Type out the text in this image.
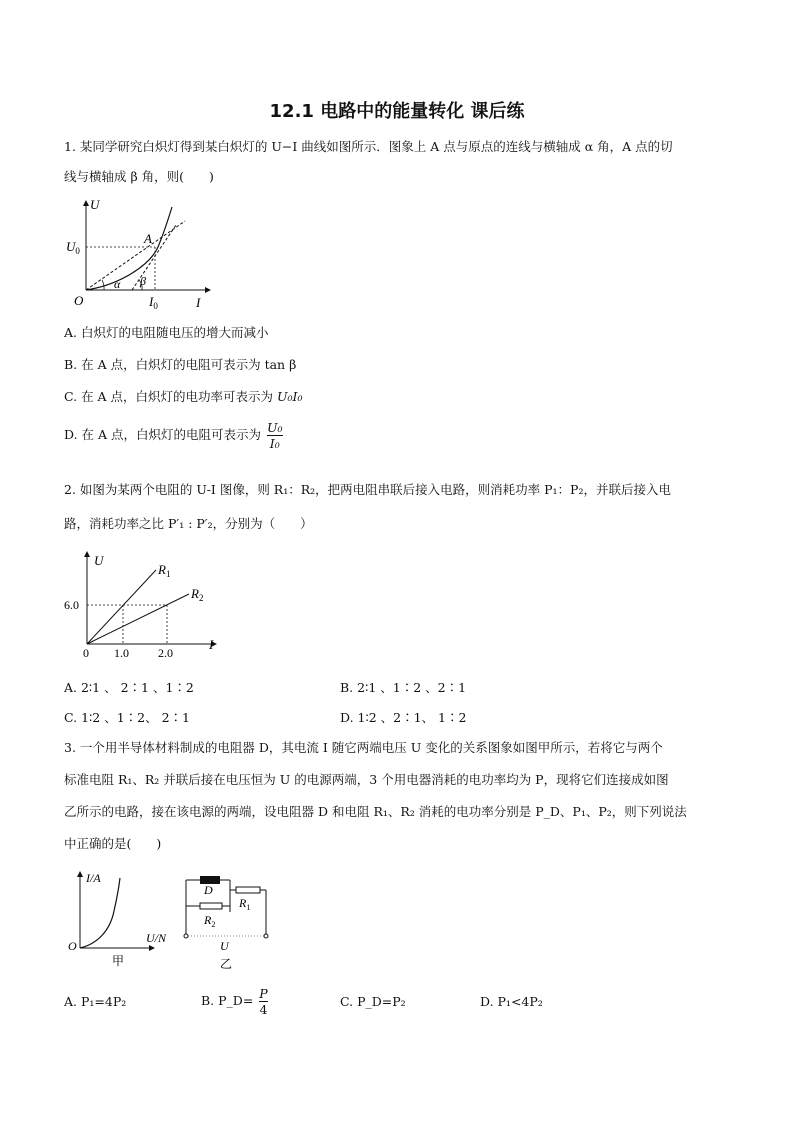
12.1 电路中的能量转化 课后练
1. 某同学研究白炽灯得到某白炽灯的 U−I 曲线如图所示．图象上 A 点与原点的连线与横轴成 α 角，A 点的切
线与横轴成 β 角，则(　　)
U
I
O
A
$U_0$
$I_0$
α β
A. 白炽灯的电阻随电压的增大而减小
B. 在 A 点，白炽灯的电阻可表示为 tan β
C. 在 A 点，白炽灯的电功率可表示为 U₀I₀
D. 在 A 点，白炽灯的电阻可表示为 $\frac{\text{U₀}}{\text{I₀}}$
2. 如图为某两个电阻的 U-I 图像，则 R₁：R₂，把两电阻串联后接入电路，则消耗功率 P₁：P₂，并联后接入电
路，消耗功率之比 P′₁ : P′₂，分别为（　　）
U
I
0
6.0
1.0 2.0
$R_1$
$R_2$
A. 2∶1 、 2∶1 、1∶2	B. 2∶1 、1∶2 、2∶1
C. 1∶2 、1∶2、 2∶1	D. 1∶2 、2∶1、 1∶2
3. 一个用半导体材料制成的电阻器 D，其电流 I 随它两端电压 U 变化的关系图象如图甲所示，若将它与两个
标准电阻 R₁、R₂ 并联后接在电压恒为 U 的电源两端，3 个用电器消耗的电功率均为 P，现将它们连接成如图
乙所示的电路，接在该电源的两端，设电阻器 D 和电阻 R₁、R₂ 消耗的电功率分别是 P_D、P₁、P₂，则下列说法
中正确的是(　　)
I/A
U/N
O
甲
D
$R_1$
$R_2$
U
乙
A. P₁=4P₂	B. P_D= $\frac{P}{4}$	C. P_D=P₂	D. P₁<4P₂
